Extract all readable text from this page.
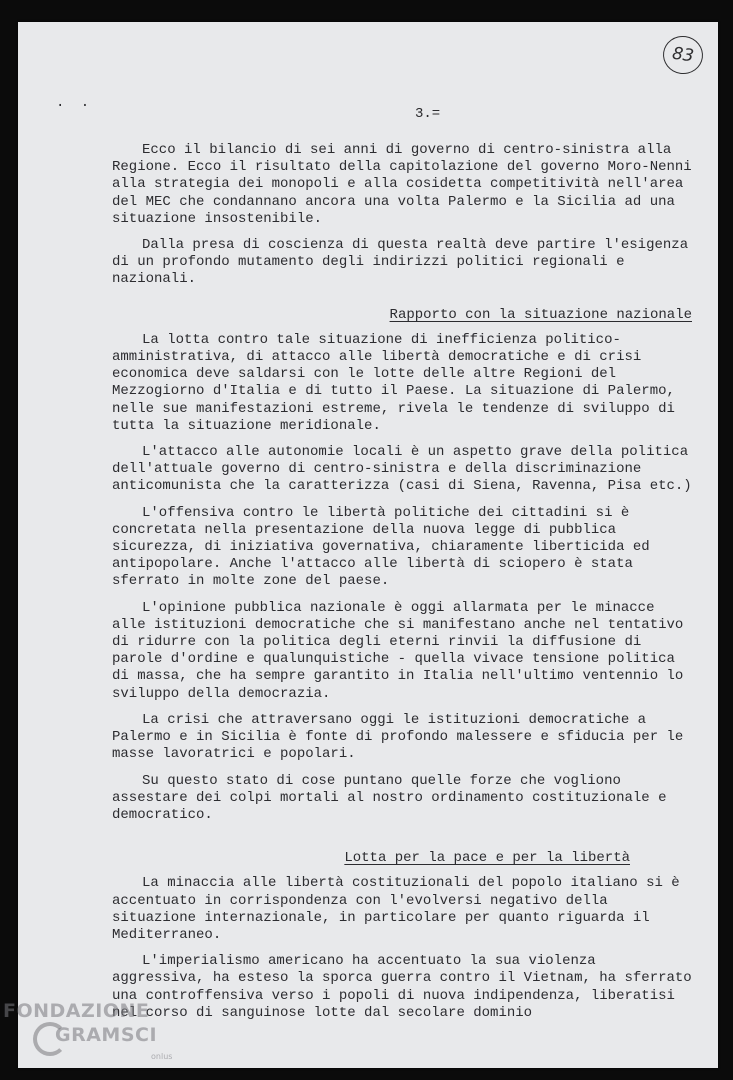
· ·
83
3.=

Ecco il bilancio di sei anni di governo di centro-sinistra alla Regione. Ecco il risultato della capitolazione del governo Moro-Nenni alla strategia dei monopoli e alla cosidetta competitività nell'area del MEC che condannano ancora una volta Palermo e la Sicilia ad una situazione insostenibile.

Dalla presa di coscienza di questa realtà deve partire l'esigenza di un profondo mutamento degli indirizzi politici regionali e nazionali.

Rapporto con la situazione nazionale

La lotta contro tale situazione di inefficienza politico-amministrativa, di attacco alle libertà democratiche e di crisi economica deve saldarsi con le lotte delle altre Regioni del Mezzogiorno d'Italia e di tutto il Paese. La situazione di Palermo, nelle sue manifestazioni estreme, rivela le tendenze di sviluppo di tutta la situazione meridionale.

L'attacco alle autonomie locali è un aspetto grave della politica dell'attuale governo di centro-sinistra e della discriminazione anticomunista che la caratterizza (casi di Siena, Ravenna, Pisa etc.)

L'offensiva contro le libertà politiche dei cittadini si è concretata nella presentazione della nuova legge di pubblica sicurezza, di iniziativa governativa, chiaramente liberticida ed antipopolare. Anche l'attacco alle libertà di sciopero è stata sferrato in molte zone del paese.

L'opinione pubblica nazionale è oggi allarmata per le minacce alle istituzioni democratiche che si manifestano anche nel tentativo di ridurre con la politica degli eterni rinvii la diffusione di parole d'ordine e qualunquistiche - quella vivace tensione politica di massa, che ha sempre garantito in Italia nell'ultimo ventennio lo sviluppo della democrazia.

La crisi che attraversano oggi le istituzioni democratiche a Palermo e in Sicilia è fonte di profondo malessere e sfiducia per le masse lavoratrici e popolari.

Su questo stato di cose puntano quelle forze che vogliono assestare dei colpi mortali al nostro ordinamento costituzionale e democratico.

Lotta per la pace e per la libertà

La minaccia alle libertà costituzionali del popolo italiano si è accentuato in corrispondenza con l'evolversi negativo della situazione internazionale, in particolare per quanto riguarda il Mediterraneo.

L'imperialismo americano ha accentuato la sua violenza aggressiva, ha esteso la sporca guerra contro il Vietnam, ha sferrato una controffensiva verso i popoli di nuova indipendenza, liberatisi nel corso di sanguinose lotte dal secolare dominio

FONDAZIONE
GRAMSCI
onlus
